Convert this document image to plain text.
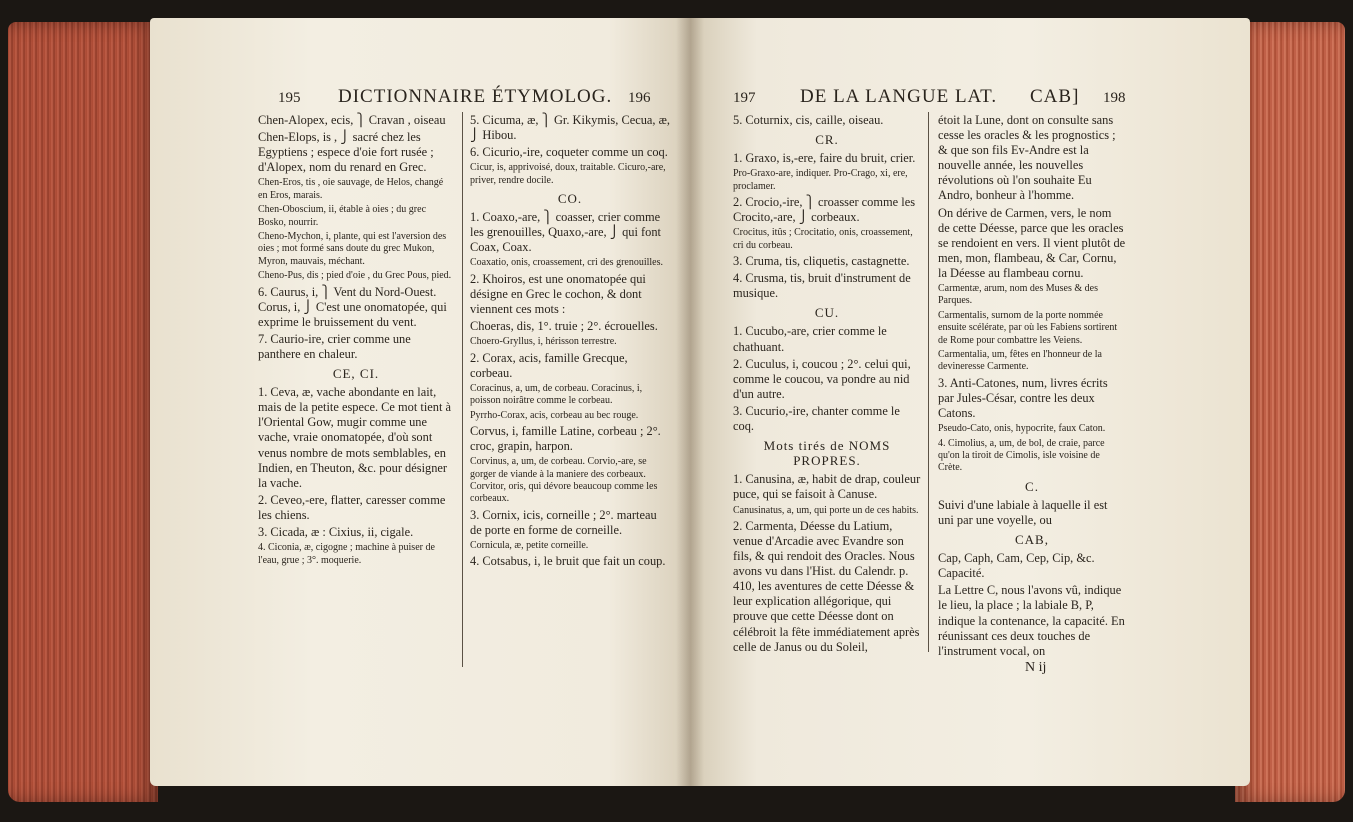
195 DICTIONNAIRE ÉTYMOLOG. 196	197 DE LA LANGUE LAT. CAB] 198

Chen-Alopex, ecis, ⎫ Cravan , oiseau

Chen-Elops, is , ⎭ sacré chez les Egyptiens ; espece d'oie fort rusée ; d'Alopex, nom du renard en Grec.

Chen-Eros, tis , oie sauvage, de Helos, changé en Eros, marais.

Chen-Oboscium, ii, étable à oies ; du grec Bosko, nourrir.

Cheno-Mychon, i, plante, qui est l'aversion des oies ; mot formé sans doute du grec Mukon, Myron, mauvais, méchant.

Cheno-Pus, dis ; pied d'oie , du Grec Pous, pied.

6. Caurus, i, ⎫ Vent du Nord-Ouest. Corus, i, ⎭ C'est une onomatopée, qui exprime le bruissement du vent.

7. Caurio-ire, crier comme une panthere en chaleur.

CE, CI.

1. Ceva, æ, vache abondante en lait, mais de la petite espece. Ce mot tient à l'Oriental Gow, mugir comme une vache, vraie onomatopée, d'où sont venus nombre de mots semblables, en Indien, en Theuton, &c. pour désigner la vache.

2. Ceveo,-ere, flatter, caresser comme les chiens.

3. Cicada, æ : Cixius, ii, cigale.

4. Ciconia, æ, cigogne ; machine à puiser de l'eau, grue ; 3°. moquerie.

5. Cicuma, æ, ⎫ Gr. Kikymis, Cecua, æ, ⎭ Hibou.

6. Cicurio,-ire, coqueter comme un coq.

Cicur, is, apprivoisé, doux, traitable. Cicuro,-are, priver, rendre docile.

CO.

1. Coaxo,-are, ⎫ coasser, crier comme les grenouilles, Quaxo,-are, ⎭ qui font Coax, Coax.

Coaxatio, onis, croassement, cri des grenouilles.

2. Khoiros, est une onomatopée qui désigne en Grec le cochon, & dont viennent ces mots :

Choeras, dis, 1°. truie ; 2°. écrouelles.

Choero-Gryllus, i, hérisson terrestre.

2. Corax, acis, famille Grecque, corbeau.

Coracinus, a, um, de corbeau. Coracinus, i, poisson noirâtre comme le corbeau.

Pyrrho-Corax, acis, corbeau au bec rouge.

Corvus, i, famille Latine, corbeau ; 2°. croc, grapin, harpon.

Corvinus, a, um, de corbeau. Corvio,-are, se gorger de viande à la maniere des corbeaux. Corvitor, oris, qui dévore beaucoup comme les corbeaux.

3. Cornix, icis, corneille ; 2°. marteau de porte en forme de corneille.

Cornicula, æ, petite corneille.

4. Cotsabus, i, le bruit que fait un coup.

5. Coturnix, cis, caille, oiseau.

CR.

1. Graxo, is,-ere, faire du bruit, crier.

Pro-Graxo-are, indiquer. Pro-Crago, xi, ere, proclamer.

2. Crocio,-ire, ⎫ croasser comme les Crocito,-are, ⎭ corbeaux.

Crocitus, itûs ; Crocitatio, onis, croassement, cri du corbeau.

3. Cruma, tis, cliquetis, castagnette.

4. Crusma, tis, bruit d'instrument de musique.

CU.

1. Cucubo,-are, crier comme le chathuant.

2. Cuculus, i, coucou ; 2°. celui qui, comme le coucou, va pondre au nid d'un autre.

3. Cucurio,-ire, chanter comme le coq.

Mots tirés de NOMS PROPRES.

1. Canusina, æ, habit de drap, couleur puce, qui se faisoit à Canuse.

Canusinatus, a, um, qui porte un de ces habits.

2. Carmenta, Déesse du Latium, venue d'Arcadie avec Evandre son fils, & qui rendoit des Oracles. Nous avons vu dans l'Hist. du Calendr. p. 410, les aventures de cette Déesse & leur explication allégorique, qui prouve que cette Déesse dont on célébroit la fête immédiatement après celle de Janus ou du Soleil,

étoit la Lune, dont on consulte sans cesse les oracles & les prognostics ; & que son fils Ev-Andre est la nouvelle année, les nouvelles révolutions où l'on souhaite Eu Andro, bonheur à l'homme.

On dérive de Carmen, vers, le nom de cette Déesse, parce que les oracles se rendoient en vers. Il vient plutôt de men, mon, flambeau, & Car, Cornu, la Déesse au flambeau cornu.

Carmentæ, arum, nom des Muses & des Parques.

Carmentalis, surnom de la porte nommée ensuite scélérate, par où les Fabiens sortirent de Rome pour combattre les Veiens.

Carmentalia, um, fêtes en l'honneur de la devineresse Carmente.

3. Anti-Catones, num, livres écrits par Jules-César, contre les deux Catons.

Pseudo-Cato, onis, hypocrite, faux Caton.

4. Cimolius, a, um, de bol, de craie, parce qu'on la tiroit de Cimolis, isle voisine de Crète.

C.

Suivi d'une labiale à laquelle il est uni par une voyelle, ou

CAB,

Cap, Caph, Cam, Cep, Cip, &c. Capacité.

La Lettre C, nous l'avons vû, indique le lieu, la place ; la labiale B, P, indique la contenance, la capacité. En réunissant ces deux touches de l'instrument vocal, on

N ij
